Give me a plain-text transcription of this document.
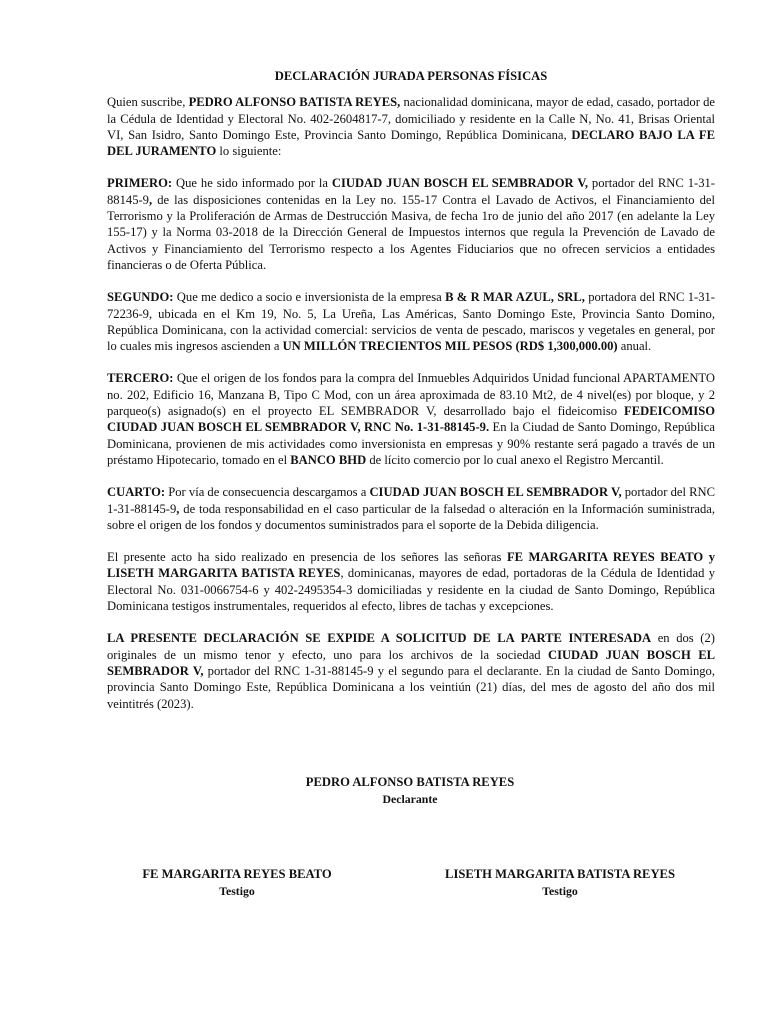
DECLARACIÓN JURADA PERSONAS FÍSICAS

Quien suscribe, PEDRO ALFONSO BATISTA REYES, nacionalidad dominicana, mayor de edad, casado, portador de la Cédula de Identidad y Electoral No. 402-2604817-7, domiciliado y residente en la Calle N, No. 41, Brisas Oriental VI, San Isidro, Santo Domingo Este, Provincia Santo Domingo, República Dominicana, DECLARO BAJO LA FE DEL JURAMENTO lo siguiente:

PRIMERO: Que he sido informado por la CIUDAD JUAN BOSCH EL SEMBRADOR V, portador del RNC 1-31-88145-9, de las disposiciones contenidas en la Ley no. 155-17 Contra el Lavado de Activos, el Financiamiento del Terrorismo y la Proliferación de Armas de Destrucción Masiva, de fecha 1ro de junio del año 2017 (en adelante la Ley 155-17) y la Norma 03-2018 de la Dirección General de Impuestos internos que regula la Prevención de Lavado de Activos y Financiamiento del Terrorismo respecto a los Agentes Fiduciarios que no ofrecen servicios a entidades financieras o de Oferta Pública.

SEGUNDO: Que me dedico a socio e inversionista de la empresa B & R MAR AZUL, SRL, portadora del RNC 1-31-72236-9, ubicada en el Km 19, No. 5, La Ureña, Las Américas, Santo Domingo Este, Provincia Santo Domino, República Dominicana, con la actividad comercial: servicios de venta de pescado, mariscos y vegetales en general, por lo cuales mis ingresos ascienden a UN MILLÓN TRECIENTOS MIL PESOS (RD$ 1,300,000.00) anual.

TERCERO: Que el origen de los fondos para la compra del Inmuebles Adquiridos Unidad funcional APARTAMENTO no. 202, Edificio 16, Manzana B, Tipo C Mod, con un área aproximada de 83.10 Mt2, de 4 nivel(es) por bloque, y 2 parqueo(s) asignado(s) en el proyecto EL SEMBRADOR V, desarrollado bajo el fideicomiso FEDEICOMISO CIUDAD JUAN BOSCH EL SEMBRADOR V, RNC No. 1-31-88145-9. En la Ciudad de Santo Domingo, República Dominicana, provienen de mis actividades como inversionista en empresas y 90% restante será pagado a través de un préstamo Hipotecario, tomado en el BANCO BHD de lícito comercio por lo cual anexo el Registro Mercantil.

CUARTO: Por vía de consecuencia descargamos a CIUDAD JUAN BOSCH EL SEMBRADOR V, portador del RNC 1-31-88145-9, de toda responsabilidad en el caso particular de la falsedad o alteración en la Información suministrada, sobre el origen de los fondos y documentos suministrados para el soporte de la Debida diligencia.

El presente acto ha sido realizado en presencia de los señores las señoras FE MARGARITA REYES BEATO y LISETH MARGARITA BATISTA REYES, dominicanas, mayores de edad, portadoras de la Cédula de Identidad y Electoral No. 031-0066754-6 y 402-2495354-3 domiciliadas y residente en la ciudad de Santo Domingo, República Dominicana testigos instrumentales, requeridos al efecto, libres de tachas y excepciones.

LA PRESENTE DECLARACIÓN SE EXPIDE A SOLICITUD DE LA PARTE INTERESADA en dos (2) originales de un mismo tenor y efecto, uno para los archivos de la sociedad CIUDAD JUAN BOSCH EL SEMBRADOR V, portador del RNC 1-31-88145-9 y el segundo para el declarante. En la ciudad de Santo Domingo, provincia Santo Domingo Este, República Dominicana a los veintiún (21) días, del mes de agosto del año dos mil veintitrés (2023).

PEDRO ALFONSO BATISTA REYES
Declarante
FE MARGARITA REYES BEATO
Testigo
LISETH MARGARITA BATISTA REYES
Testigo
